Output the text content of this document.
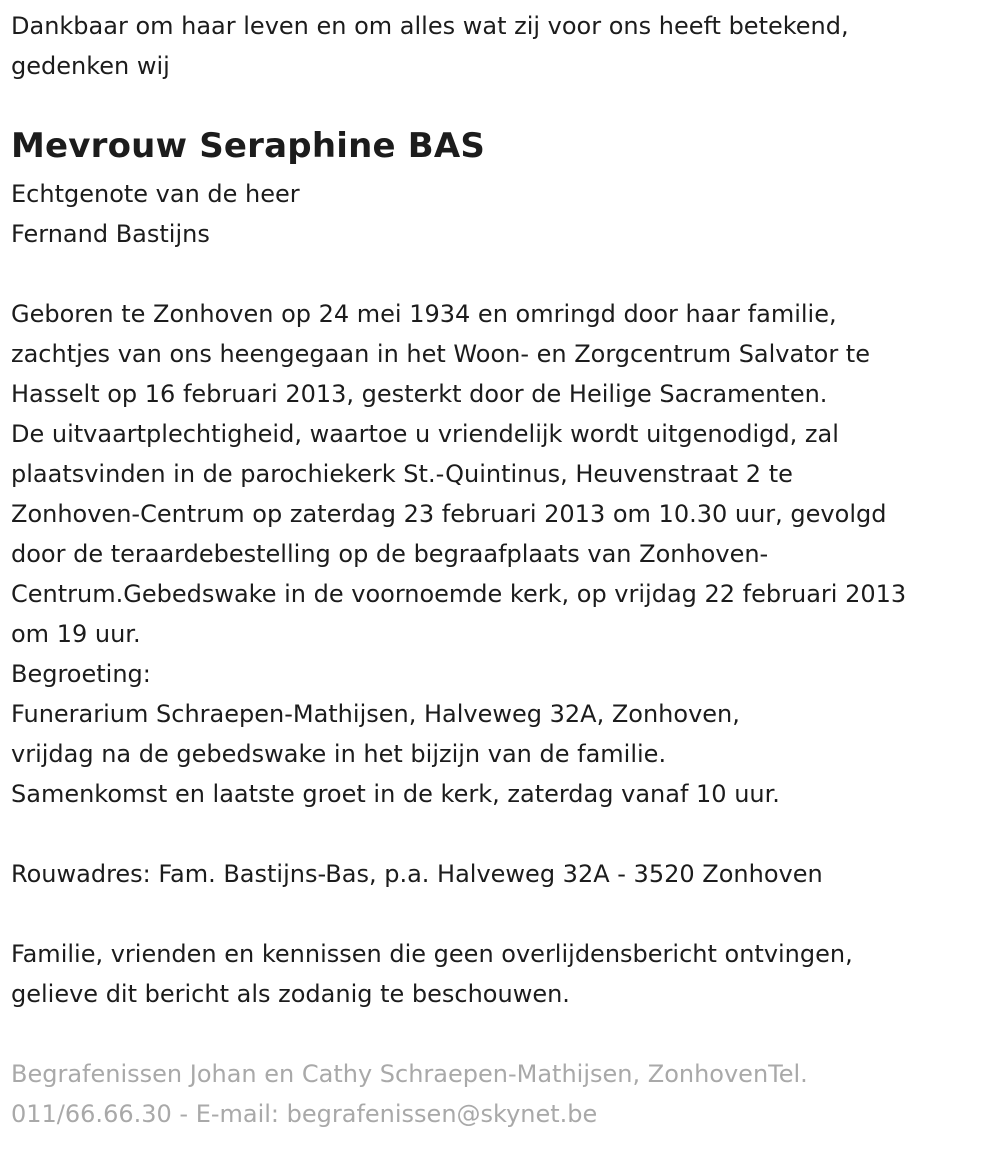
Dankbaar om haar leven en om alles wat zij voor ons heeft betekend,
gedenken wij
Mevrouw Seraphine BAS
Echtgenote van de heer
Fernand Bastijns
Geboren te Zonhoven op 24 mei 1934 en omringd door haar familie,
zachtjes van ons heengegaan in het Woon- en Zorgcentrum Salvator te
Hasselt op 16 februari 2013, gesterkt door de Heilige Sacramenten.
De uitvaartplechtigheid, waartoe u vriendelijk wordt uitgenodigd, zal
plaatsvinden in de parochiekerk St.-Quintinus, Heuvenstraat 2 te
Zonhoven-Centrum op zaterdag 23 februari 2013 om 10.30 uur, gevolgd
door de teraardebestelling op de begraafplaats van Zonhoven-
Centrum.Gebedswake in de voornoemde kerk, op vrijdag 22 februari 2013
om 19 uur.
Begroeting:
Funerarium Schraepen-Mathijsen, Halveweg 32A, Zonhoven,
vrijdag na de gebedswake in het bijzijn van de familie.
Samenkomst en laatste groet in de kerk, zaterdag vanaf 10 uur.
Rouwadres: Fam. Bastijns-Bas, p.a. Halveweg 32A - 3520 Zonhoven
Familie, vrienden en kennissen die geen overlijdensbericht ontvingen,
gelieve dit bericht als zodanig te beschouwen.
Begrafenissen Johan en Cathy Schraepen-Mathijsen, ZonhovenTel.
011/66.66.30 - E-mail: begrafenissen@skynet.be
